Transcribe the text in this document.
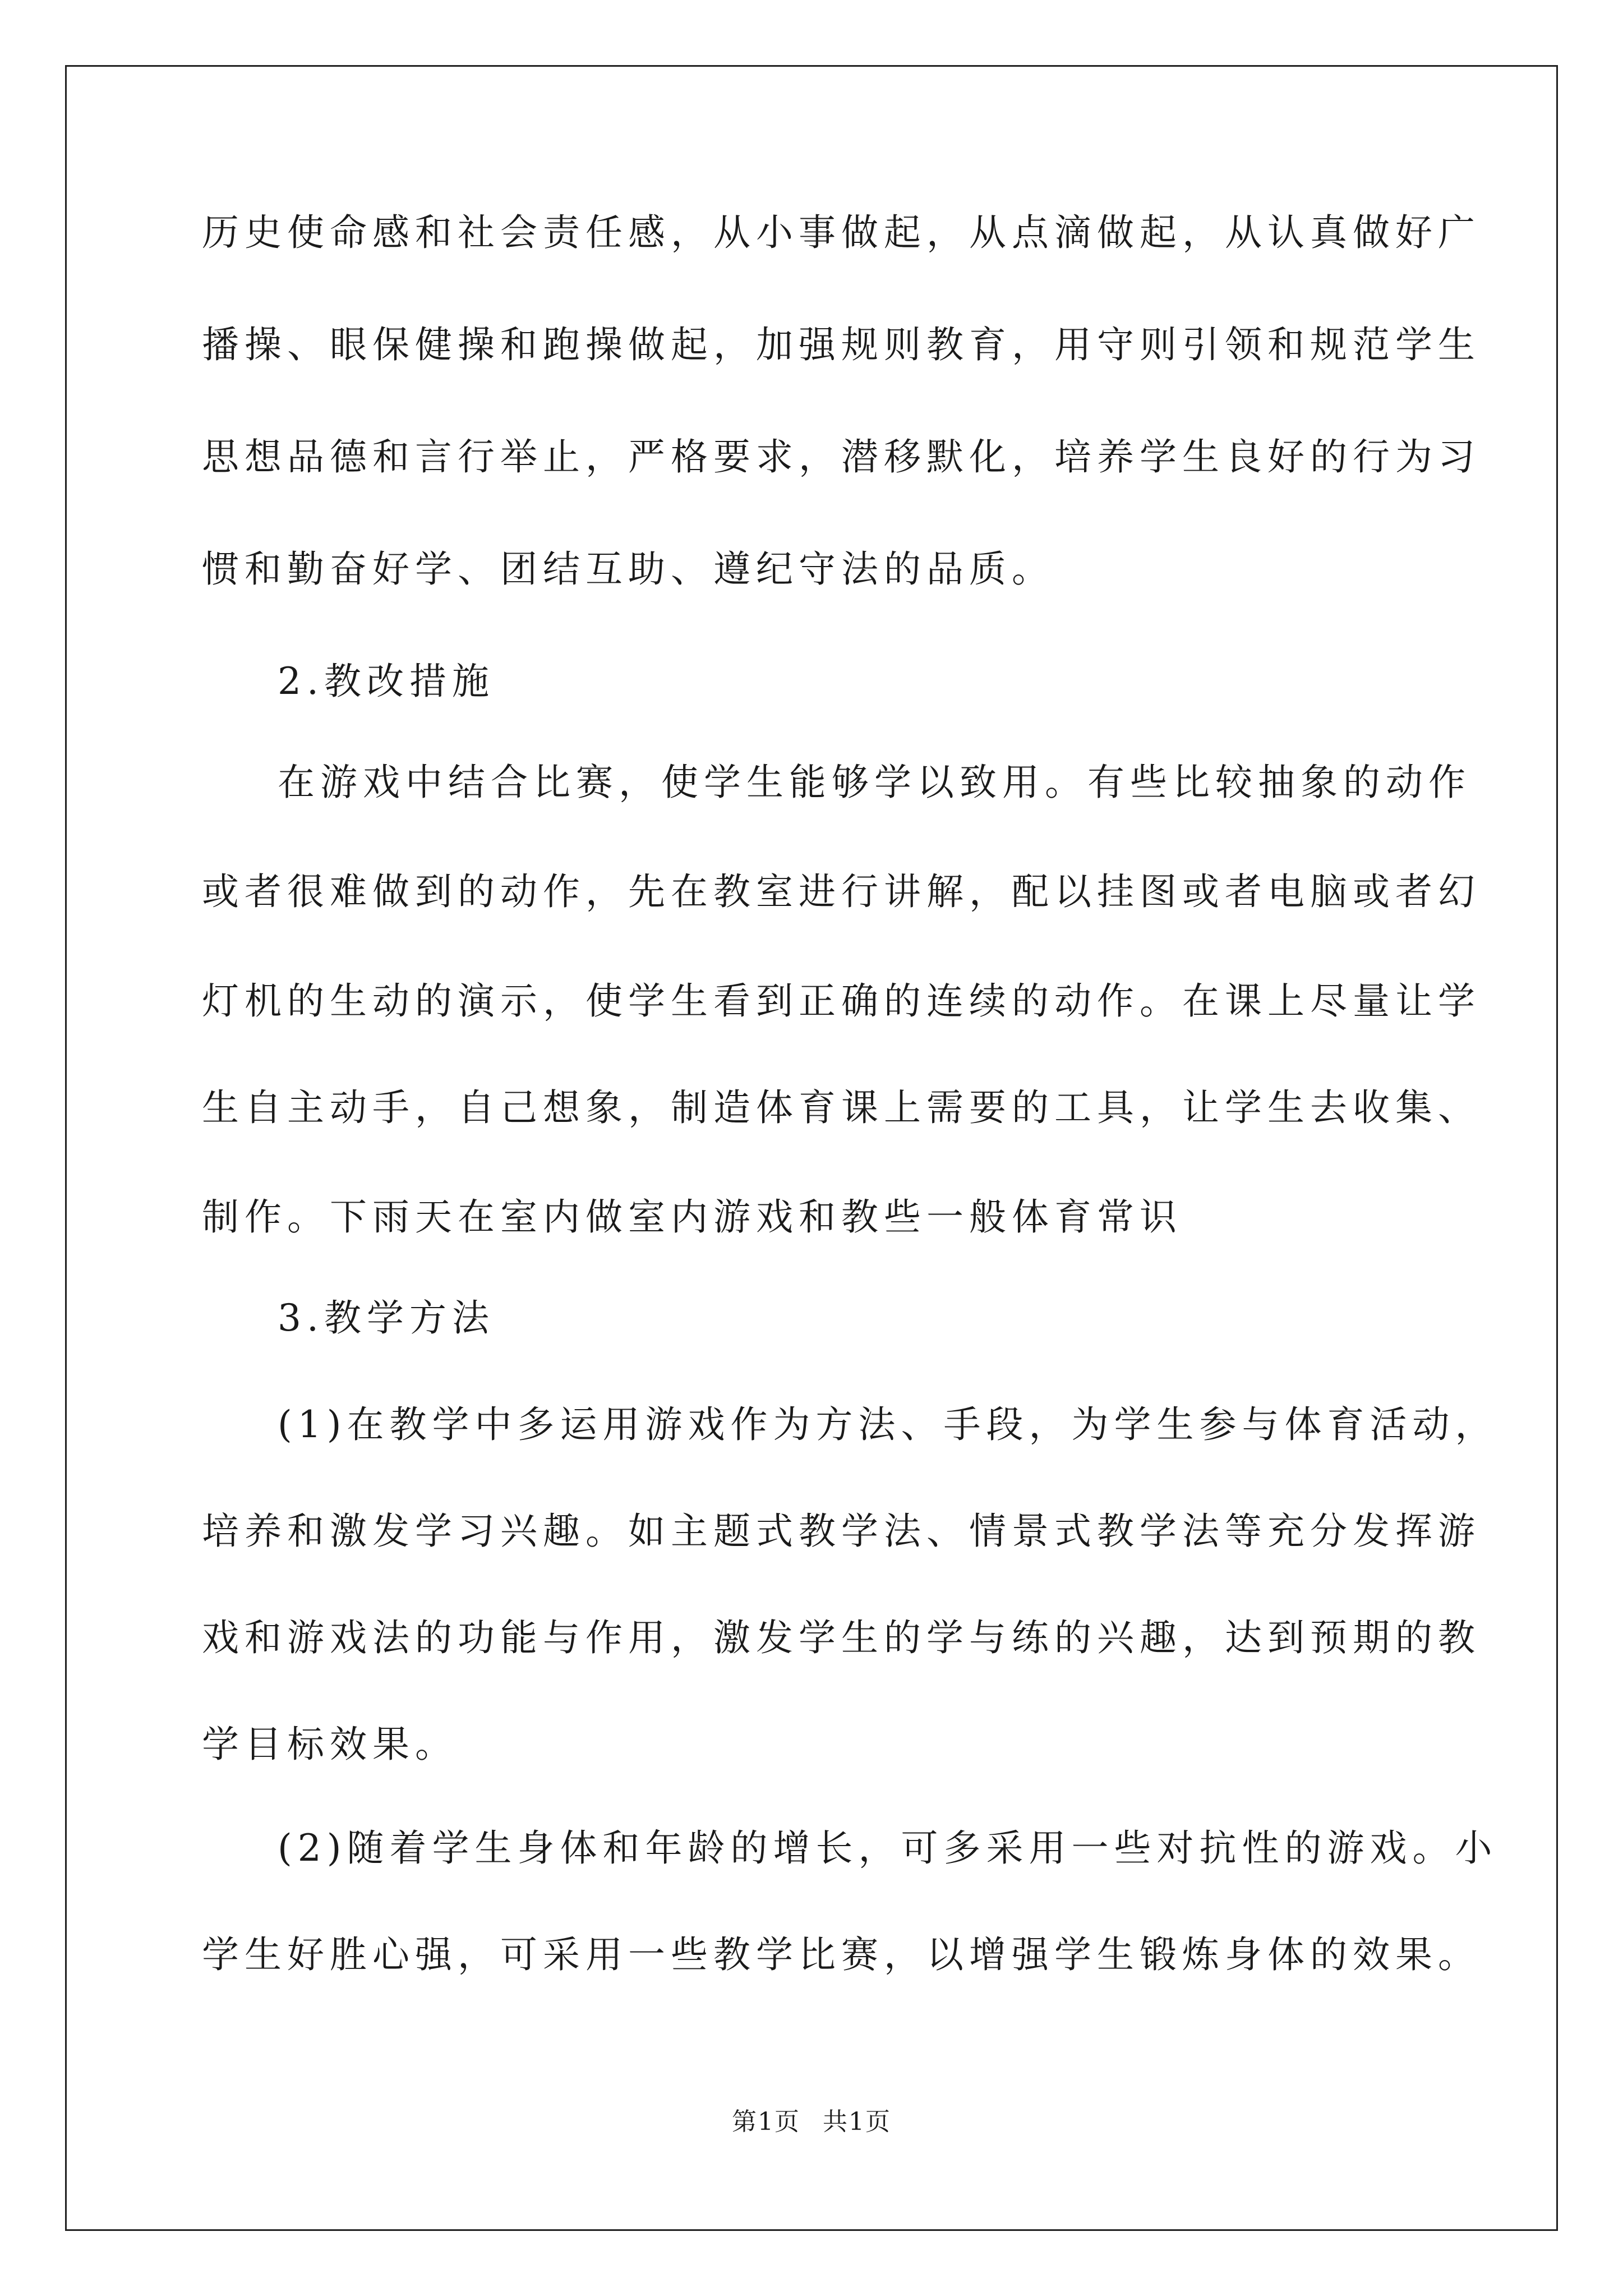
历史使命感和社会责任感，从小事做起，从点滴做起，从认真做好广
播操、眼保健操和跑操做起，加强规则教育，用守则引领和规范学生
思想品德和言行举止，严格要求，潜移默化，培养学生良好的行为习
惯和勤奋好学、团结互助、遵纪守法的品质。
2.教改措施
在游戏中结合比赛，使学生能够学以致用。有些比较抽象的动作
或者很难做到的动作，先在教室进行讲解，配以挂图或者电脑或者幻
灯机的生动的演示，使学生看到正确的连续的动作。在课上尽量让学
生自主动手，自己想象，制造体育课上需要的工具，让学生去收集、
制作。下雨天在室内做室内游戏和教些一般体育常识
3.教学方法
(1)在教学中多运用游戏作为方法、手段，为学生参与体育活动，
培养和激发学习兴趣。如主题式教学法、情景式教学法等充分发挥游
戏和游戏法的功能与作用，激发学生的学与练的兴趣，达到预期的教
学目标效果。
(2)随着学生身体和年龄的增长，可多采用一些对抗性的游戏。小
学生好胜心强，可采用一些教学比赛，以增强学生锻炼身体的效果。
第1页 共1页
